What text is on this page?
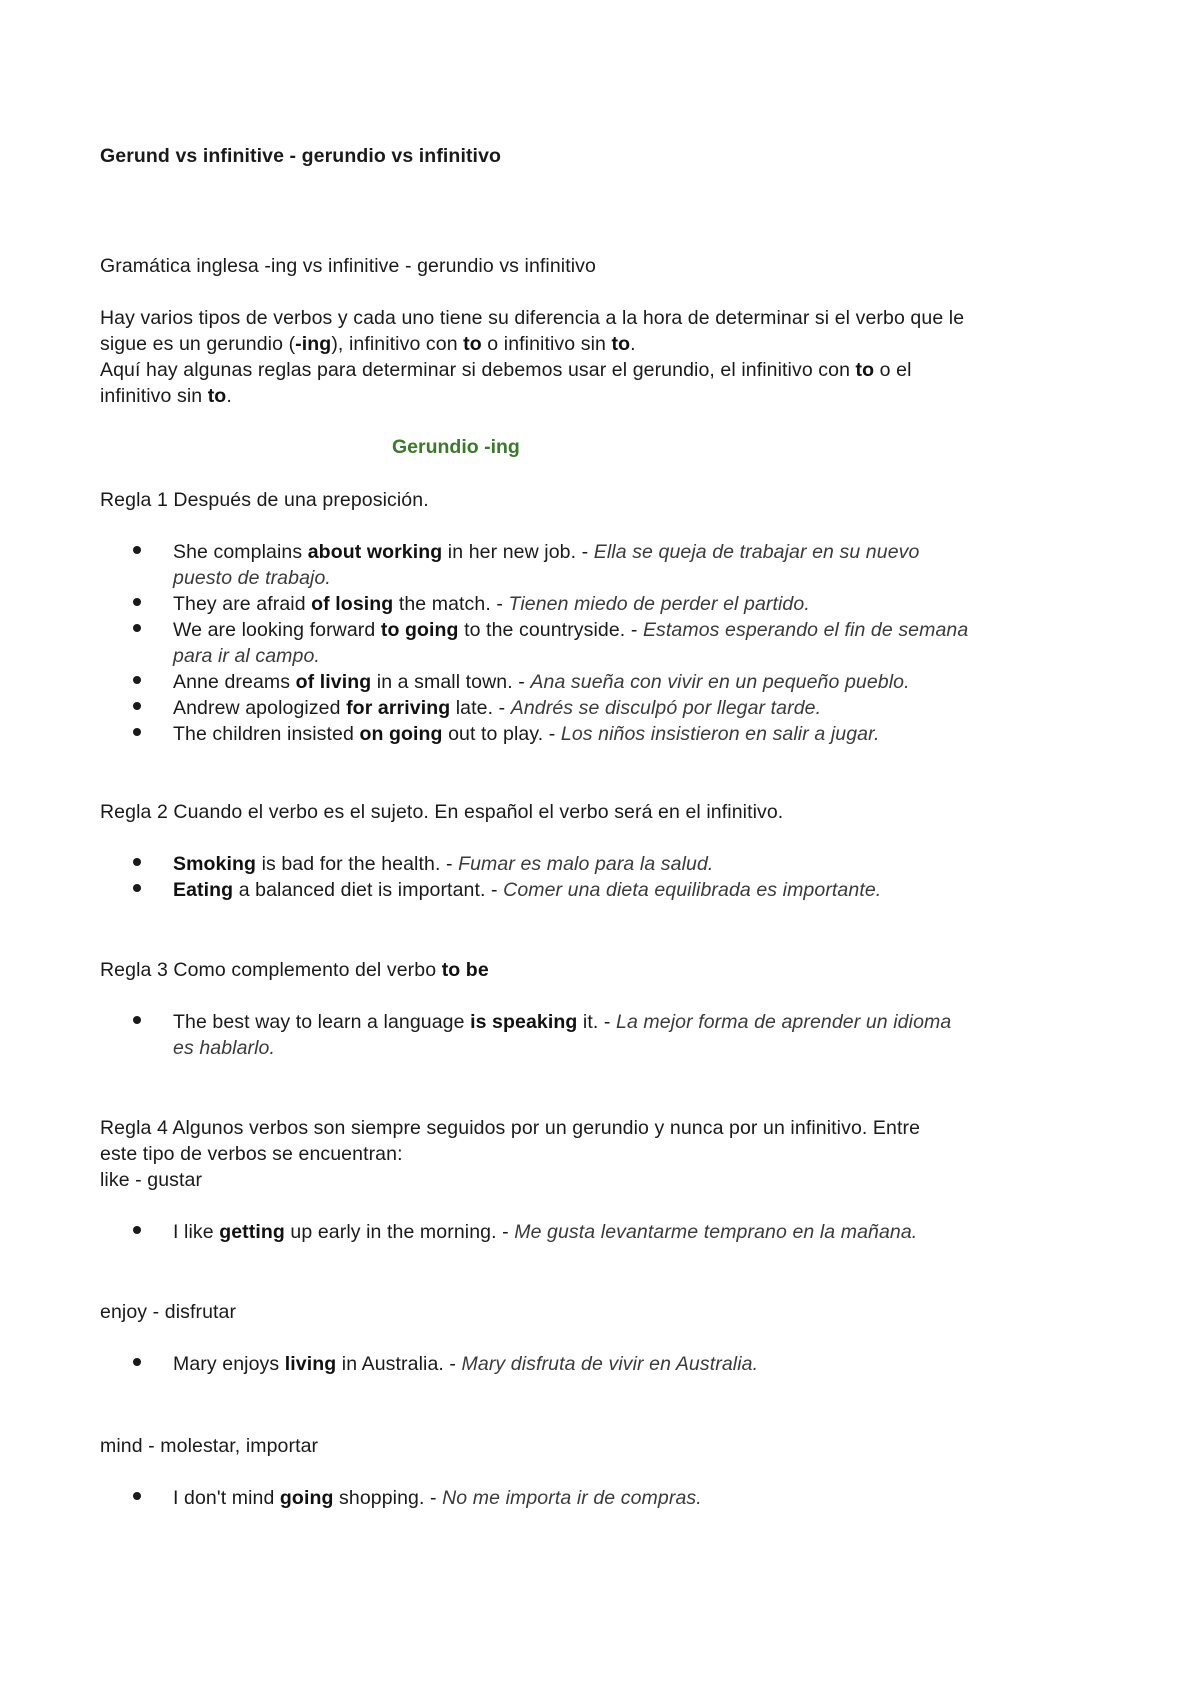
Gerund vs infinitive - gerundio vs infinitivo
Gramática inglesa -ing vs infinitive - gerundio vs infinitivo
Hay varios tipos de verbos y cada uno tiene su diferencia a la hora de determinar si el verbo que le
sigue es un gerundio (-ing), infinitivo con to o infinitivo sin to.
Aquí hay algunas reglas para determinar si debemos usar el gerundio, el infinitivo con to o el
infinitivo sin to.
Gerundio -ing
Regla 1 Después de una preposición.
She complains about working in her new job. - Ella se queja de trabajar en su nuevo
puesto de trabajo.
They are afraid of losing the match. - Tienen miedo de perder el partido.
We are looking forward to going to the countryside. - Estamos esperando el fin de semana
para ir al campo.
Anne dreams of living in a small town. - Ana sueña con vivir en un pequeño pueblo.
Andrew apologized for arriving late. - Andrés se disculpó por llegar tarde.
The children insisted on going out to play. - Los niños insistieron en salir a jugar.
Regla 2 Cuando el verbo es el sujeto. En español el verbo será en el infinitivo.
Smoking is bad for the health. - Fumar es malo para la salud.
Eating a balanced diet is important. - Comer una dieta equilibrada es importante.
Regla 3 Como complemento del verbo to be
The best way to learn a language is speaking it. - La mejor forma de aprender un idioma
es hablarlo.
Regla 4 Algunos verbos son siempre seguidos por un gerundio y nunca por un infinitivo. Entre
este tipo de verbos se encuentran:
like - gustar
I like getting up early in the morning. - Me gusta levantarme temprano en la mañana.
enjoy - disfrutar
Mary enjoys living in Australia. - Mary disfruta de vivir en Australia.
mind - molestar, importar
I don't mind going shopping. - No me importa ir de compras.
